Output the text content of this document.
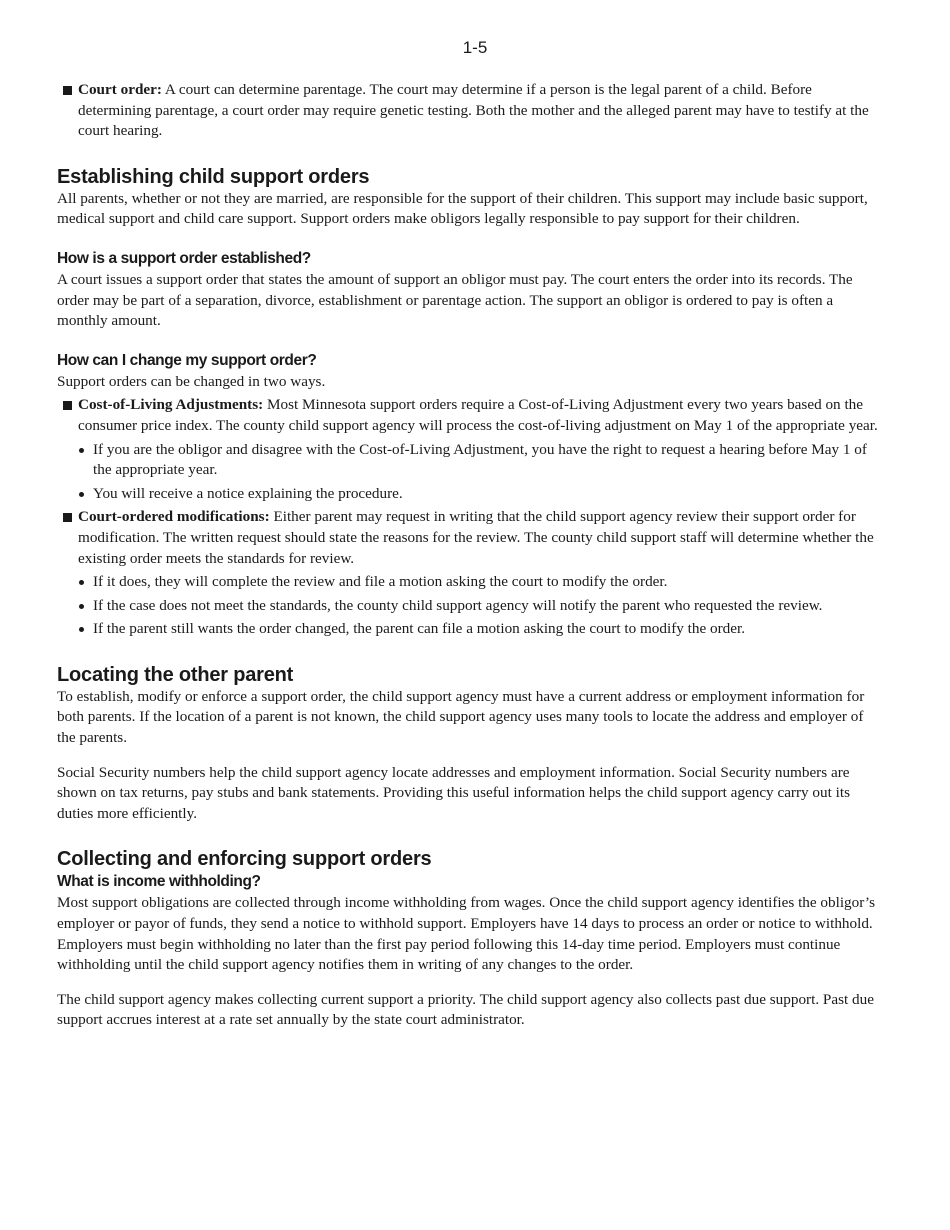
1-5
Court order: A court can determine parentage. The court may determine if a person is the legal parent of a child. Before determining parentage, a court order may require genetic testing. Both the mother and the alleged parent may have to testify at the court hearing.
Establishing child support orders

All parents, whether or not they are married, are responsible for the support of their children. This support may include basic support, medical support and child care support. Support orders make obligors legally responsible to pay support for their children.

How is a support order established?

A court issues a support order that states the amount of support an obligor must pay. The court enters the order into its records. The order may be part of a separation, divorce, establishment or parentage action. The support an obligor is ordered to pay is often a monthly amount.

How can I change my support order?

Support orders can be changed in two ways.

Cost-of-Living Adjustments: Most Minnesota support orders require a Cost-of-Living Adjustment every two years based on the consumer price index. The county child support agency will process the cost-of-living adjustment on May 1 of the appropriate year.
If you are the obligor and disagree with the Cost-of-Living Adjustment, you have the right to request a hearing before May 1 of the appropriate year.
You will receive a notice explaining the procedure.
Court-ordered modifications: Either parent may request in writing that the child support agency review their support order for modification. The written request should state the reasons for the review. The county child support staff will determine whether the existing order meets the standards for review.
If it does, they will complete the review and file a motion asking the court to modify the order.
If the case does not meet the standards, the county child support agency will notify the parent who requested the review.
If the parent still wants the order changed, the parent can file a motion asking the court to modify the order.
Locating the other parent

To establish, modify or enforce a support order, the child support agency must have a current address or employment information for both parents. If the location of a parent is not known, the child support agency uses many tools to locate the address and employer of the parents.

Social Security numbers help the child support agency locate addresses and employment information. Social Security numbers are shown on tax returns, pay stubs and bank statements. Providing this useful information helps the child support agency carry out its duties more efficiently.

Collecting and enforcing support orders
What is income withholding?

Most support obligations are collected through income withholding from wages. Once the child support agency identifies the obligor’s employer or payor of funds, they send a notice to withhold support. Employers have 14 days to process an order or notice to withhold. Employers must begin withholding no later than the first pay period following this 14-day time period. Employers must continue withholding until the child support agency notifies them in writing of any changes to the order.

The child support agency makes collecting current support a priority. The child support agency also collects past due support. Past due support accrues interest at a rate set annually by the state court administrator.
